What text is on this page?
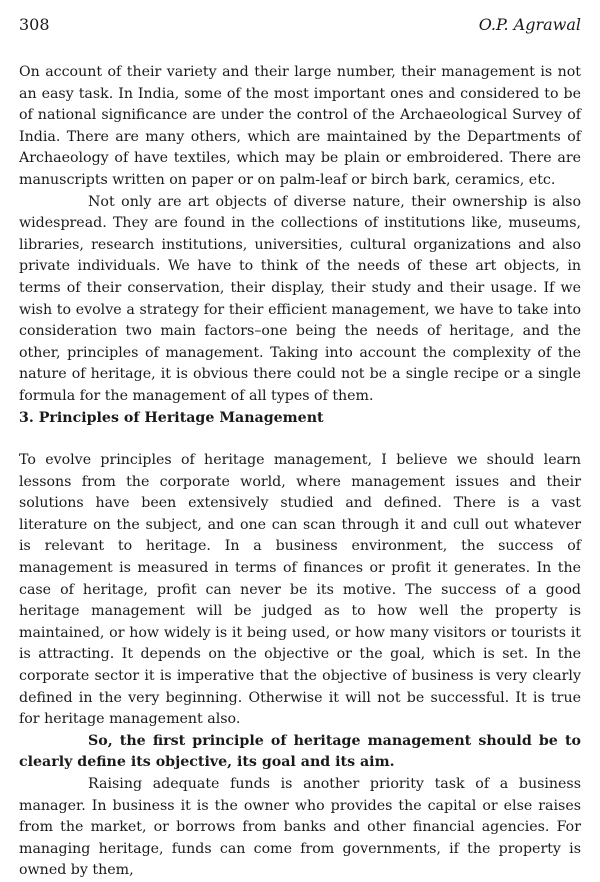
308	O.P. Agrawal

On account of their variety and their large number, their management is not an easy task. In India, some of the most important ones and considered to be of national significance are under the control of the Archaeological Survey of India. There are many others, which are maintained by the Departments of Archaeology of have textiles, which may be plain or embroidered. There are manuscripts written on paper or on palm-leaf or birch bark, ceramics, etc.

Not only are art objects of diverse nature, their ownership is also widespread. They are found in the collections of institutions like, museums, libraries, research institutions, universities, cultural organizations and also private individuals. We have to think of the needs of these art objects, in terms of their conservation, their display, their study and their usage. If we wish to evolve a strategy for their efficient management, we have to take into consideration two main factors–one being the needs of heritage, and the other, principles of management. Taking into account the complexity of the nature of heritage, it is obvious there could not be a single recipe or a single formula for the management of all types of them.

3. Principles of Heritage Management

To evolve principles of heritage management, I believe we should learn lessons from the corporate world, where management issues and their solutions have been extensively studied and defined. There is a vast literature on the subject, and one can scan through it and cull out whatever is relevant to heritage. In a business environment, the success of management is measured in terms of finances or profit it generates. In the case of heritage, profit can never be its motive. The success of a good heritage management will be judged as to how well the property is maintained, or how widely is it being used, or how many visitors or tourists it is attracting. It depends on the objective or the goal, which is set. In the corporate sector it is imperative that the objective of business is very clearly defined in the very beginning. Otherwise it will not be successful. It is true for heritage management also.

So, the first principle of heritage management should be to clearly define its objective, its goal and its aim.

Raising adequate funds is another priority task of a business manager. In business it is the owner who provides the capital or else raises from the market, or borrows from banks and other financial agencies. For managing heritage, funds can come from governments, if the property is owned by them,
